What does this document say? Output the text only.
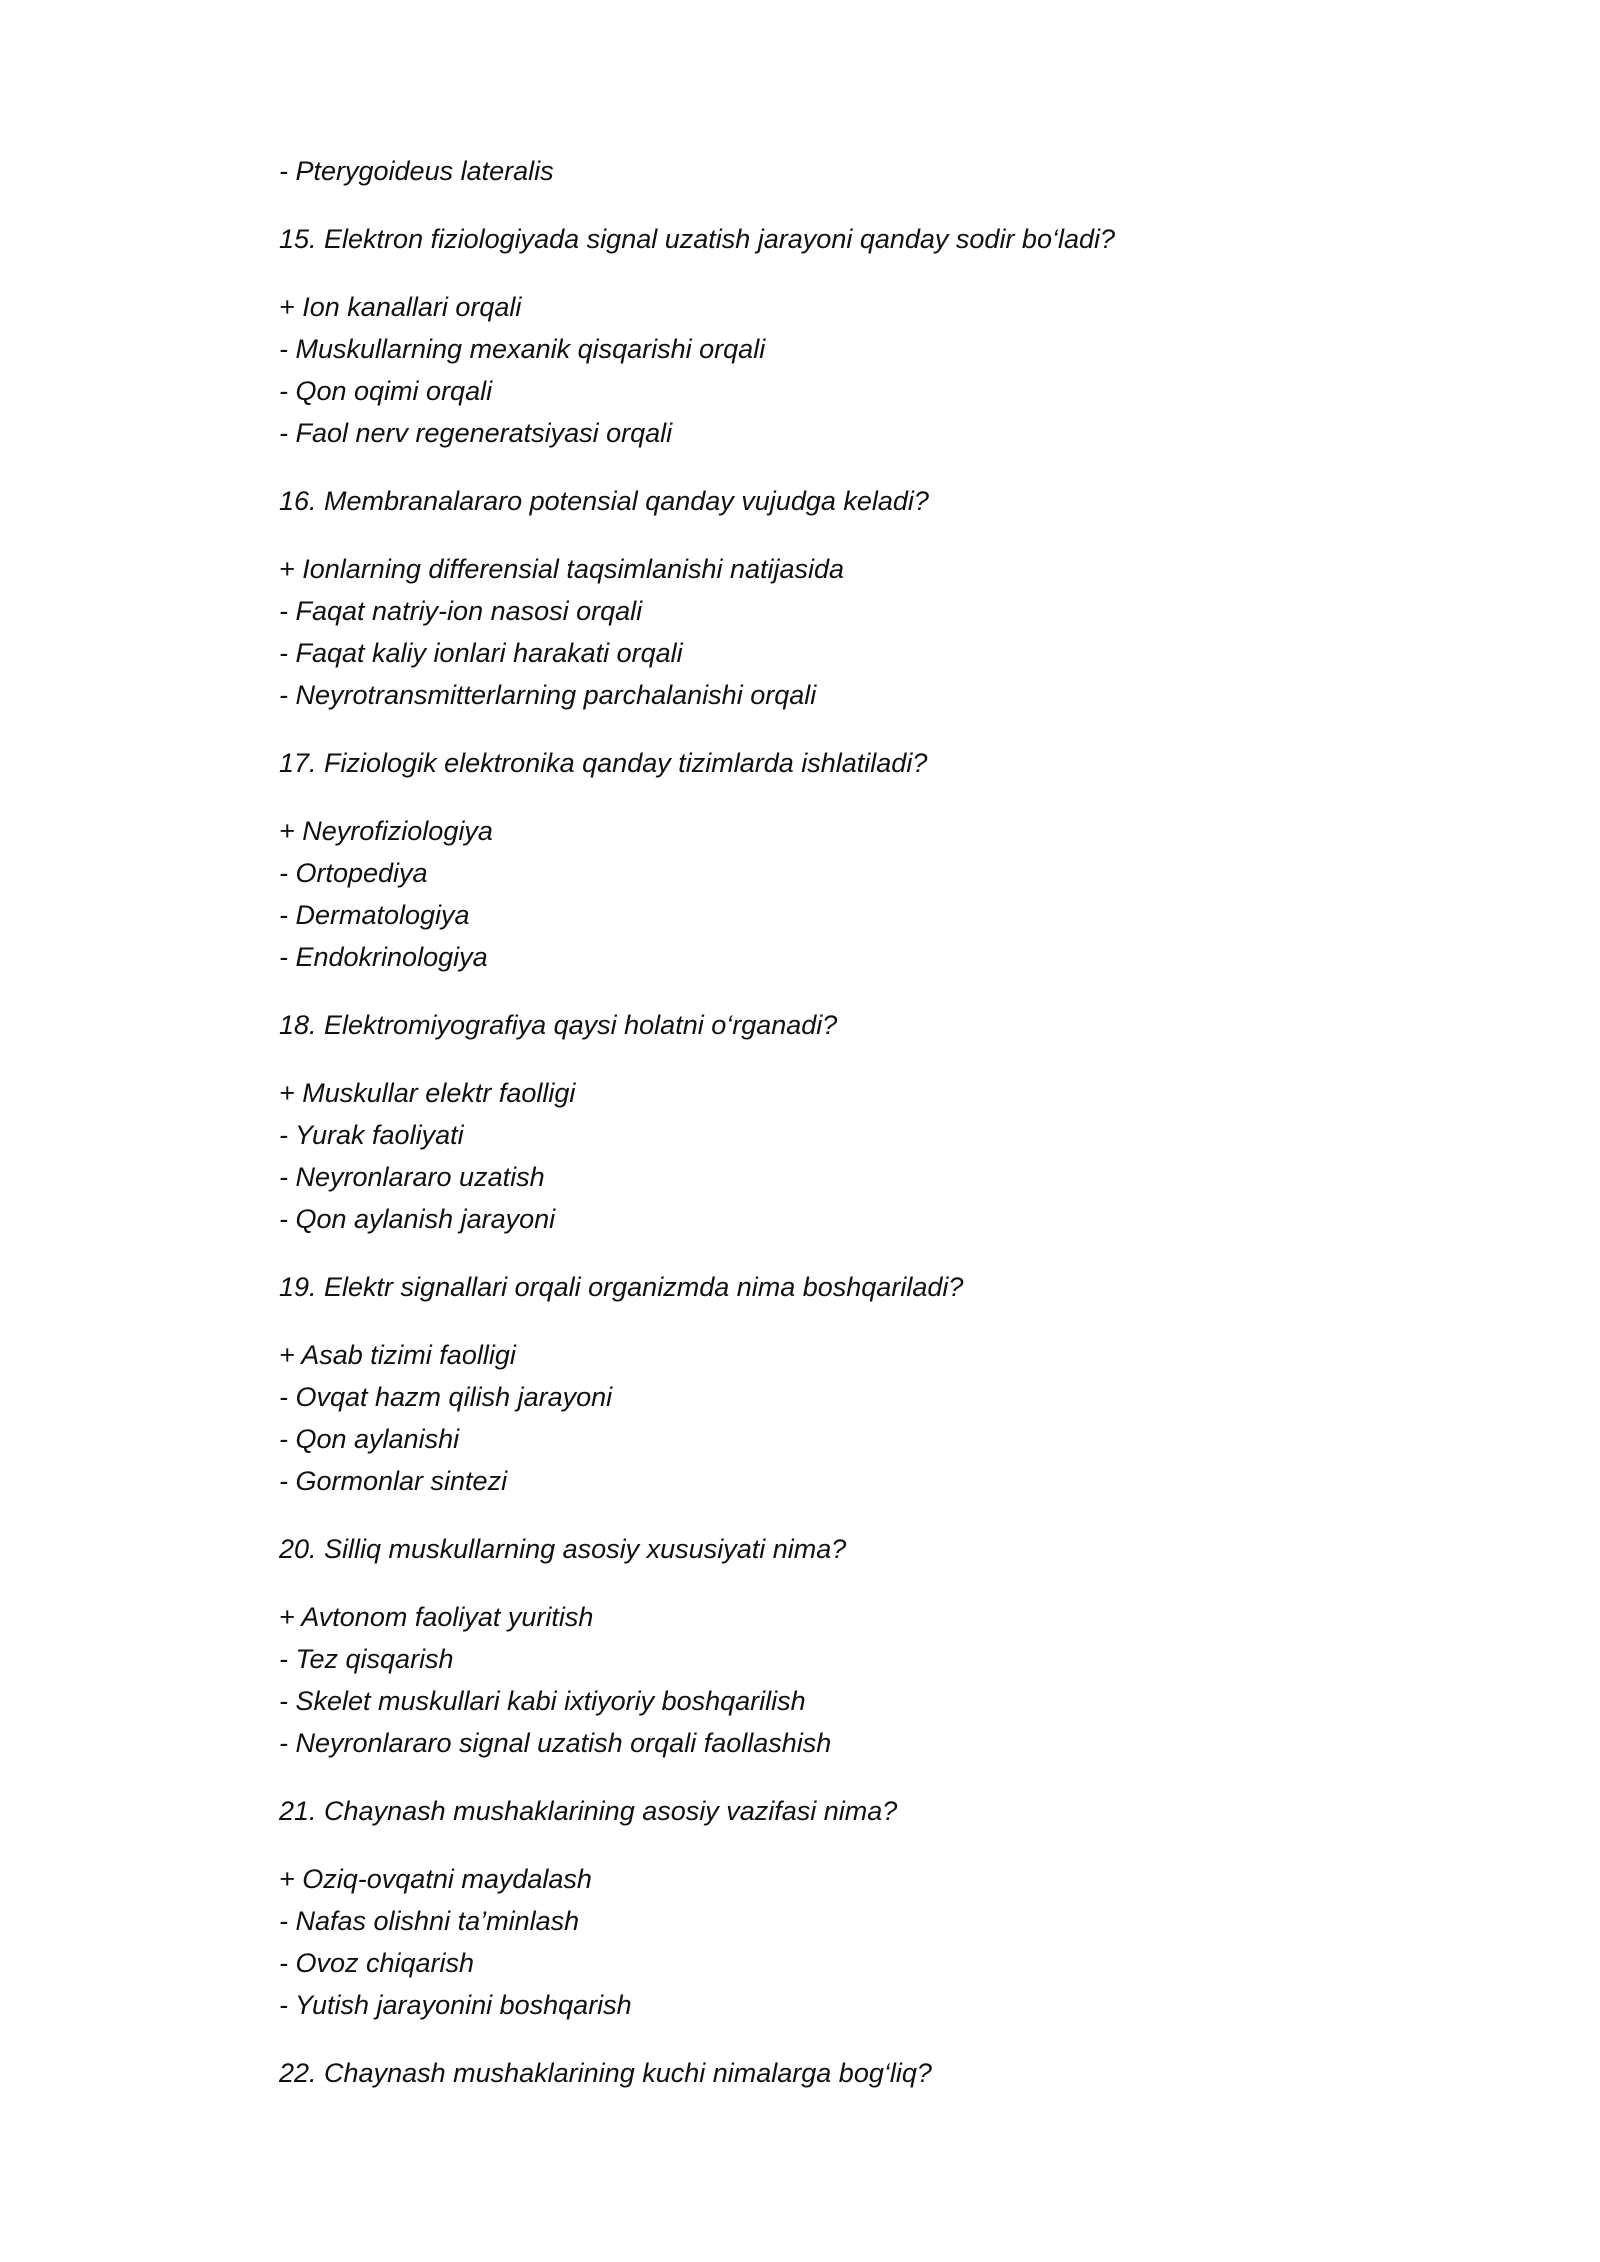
- Pterygoideus lateralis
15. Elektron fiziologiyada signal uzatish jarayoni qanday sodir bo‘ladi?
+ Ion kanallari orqali
- Muskullarning mexanik qisqarishi orqali
- Qon oqimi orqali
- Faol nerv regeneratsiyasi orqali
16. Membranalararo potensial qanday vujudga keladi?
+ Ionlarning differensial taqsimlanishi natijasida
- Faqat natriy-ion nasosi orqali
- Faqat kaliy ionlari harakati orqali
- Neyrotransmitterlarning parchalanishi orqali
17. Fiziologik elektronika qanday tizimlarda ishlatiladi?
+ Neyrofiziologiya
- Ortopediya
- Dermatologiya
- Endokrinologiya
18. Elektromiyografiya qaysi holatni o‘rganadi?
+ Muskullar elektr faolligi
- Yurak faoliyati
- Neyronlararo uzatish
- Qon aylanish jarayoni
19. Elektr signallari orqali organizmda nima boshqariladi?
+ Asab tizimi faolligi
- Ovqat hazm qilish jarayoni
- Qon aylanishi
- Gormonlar sintezi
20. Silliq muskullarning asosiy xususiyati nima?
+ Avtonom faoliyat yuritish
- Tez qisqarish
- Skelet muskullari kabi ixtiyoriy boshqarilish
- Neyronlararo signal uzatish orqali faollashish
21. Chaynash mushaklarining asosiy vazifasi nima?
+ Oziq-ovqatni maydalash
- Nafas olishni ta’minlash
- Ovoz chiqarish
- Yutish jarayonini boshqarish
22. Chaynash mushaklarining kuchi nimalarga bog‘liq?
